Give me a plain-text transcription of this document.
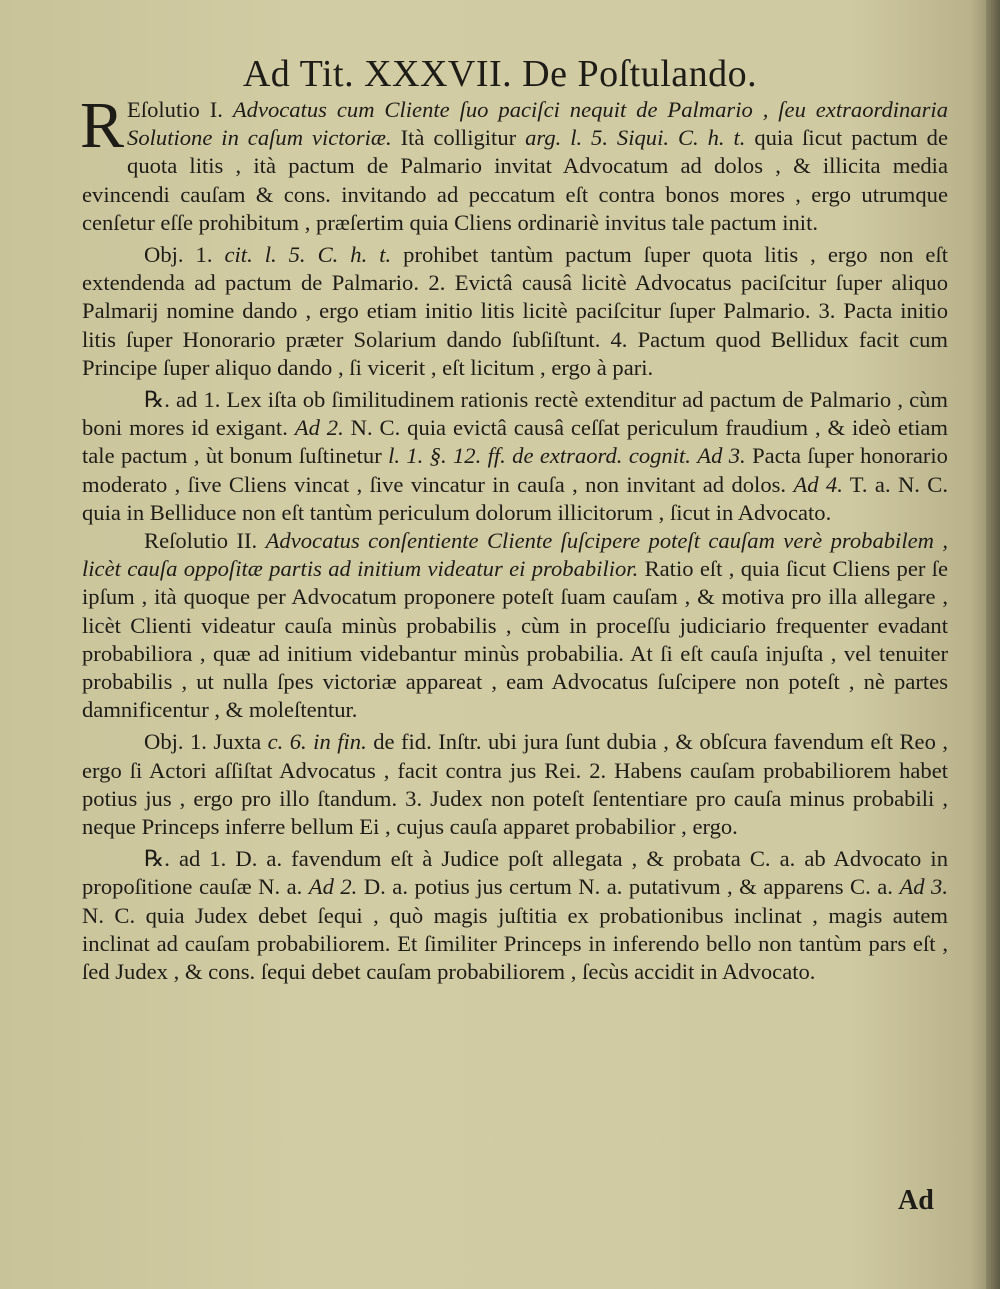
Ad Tit. XXXVII. De Poſtulando.

R Eſolutio I. Advocatus cum Cliente ſuo paciſci nequit de Palmario , ſeu extraordinaria Solutione in caſum victoriæ. Ità colligitur arg. l. 5. Siqui. C. h. t. quia ſicut pactum de quota litis , ità pactum de Palmario invitat Advocatum ad dolos , & illicita media evincendi cauſam & cons. invitando ad peccatum eſt contra bonos mores , ergo utrumque cenſetur eſſe prohibitum , præſertim quia Cliens ordinariè invitus tale pactum init.

Obj. 1. cit. l. 5. C. h. t. prohibet tantùm pactum ſuper quota litis , ergo non eſt extendenda ad pactum de Palmario. 2. Evictâ causâ licitè Advocatus paciſcitur ſuper aliquo Palmarij nomine dando , ergo etiam initio litis licitè paciſcitur ſuper Palmario. 3. Pacta initio litis ſuper Honorario præter Solarium dando ſubſiſtunt. 4. Pactum quod Bellidux facit cum Principe ſuper aliquo dando , ſi vicerit , eſt licitum , ergo à pari.

℞. ad 1. Lex iſta ob ſimilitudinem rationis rectè extenditur ad pactum de Palmario , cùm boni mores id exigant. Ad 2. N. C. quia evictâ causâ ceſſat periculum fraudium , & ideò etiam tale pactum , ùt bonum ſuſtinetur l. 1. §. 12. ff. de extraord. cognit. Ad 3. Pacta ſuper honorario moderato , ſive Cliens vincat , ſive vincatur in cauſa , non invitant ad dolos. Ad 4. T. a. N. C. quia in Belliduce non eſt tantùm periculum dolorum illicitorum , ſicut in Advocato.

Reſolutio II. Advocatus conſentiente Cliente ſuſcipere poteſt cauſam verè probabilem , licèt cauſa oppoſitæ partis ad initium videatur ei probabilior. Ratio eſt , quia ſicut Cliens per ſe ipſum , ità quoque per Advocatum proponere poteſt ſuam cauſam , & motiva pro illa allegare , licèt Clienti videatur cauſa minùs probabilis , cùm in proceſſu judiciario frequenter evadant probabiliora , quæ ad initium videbantur minùs probabilia. At ſi eſt cauſa injuſta , vel tenuiter probabilis , ut nulla ſpes victoriæ appareat , eam Advocatus ſuſcipere non poteſt , nè partes damnificentur , & moleſtentur.

Obj. 1. Juxta c. 6. in fin. de fid. Inſtr. ubi jura ſunt dubia , & obſcura favendum eſt Reo , ergo ſi Actori aſſiſtat Advocatus , facit contra jus Rei. 2. Habens cauſam probabiliorem habet potius jus , ergo pro illo ſtandum. 3. Judex non poteſt ſententiare pro cauſa minus probabili , neque Princeps inferre bellum Ei , cujus cauſa apparet probabilior , ergo.

℞. ad 1. D. a. favendum eſt à Judice poſt allegata , & probata C. a. ab Advocato in propoſitione cauſæ N. a. Ad 2. D. a. potius jus certum N. a. putativum , & apparens C. a. Ad 3. N. C. quia Judex debet ſequi , quò magis juſtitia ex probationibus inclinat , magis autem inclinat ad cauſam probabiliorem. Et ſimiliter Princeps in inferendo bello non tantùm pars eſt , ſed Judex , & cons. ſequi debet cauſam probabiliorem , ſecùs accidit in Advocato.

Ad
